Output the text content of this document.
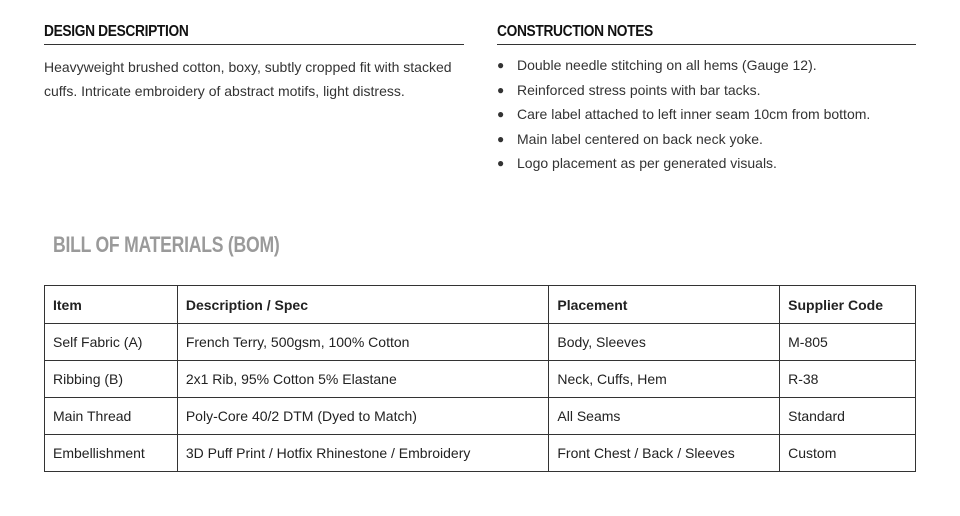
DESIGN DESCRIPTION
Heavyweight brushed cotton, boxy, subtly cropped fit with stacked cuffs. Intricate embroidery of abstract motifs, light distress.
CONSTRUCTION NOTES
● Double needle stitching on all hems (Gauge 12).
● Reinforced stress points with bar tacks.
● Care label attached to left inner seam 10cm from bottom.
● Main label centered on back neck yoke.
● Logo placement as per generated visuals.
BILL OF MATERIALS (BOM)
Item	Description / Spec	Placement	Supplier Code
Self Fabric (A)	French Terry, 500gsm, 100% Cotton	Body, Sleeves	M-805
Ribbing (B)	2x1 Rib, 95% Cotton 5% Elastane	Neck, Cuffs, Hem	R-38
Main Thread	Poly-Core 40/2 DTM (Dyed to Match)	All Seams	Standard
Embellishment	3D Puff Print / Hotfix Rhinestone / Embroidery	Front Chest / Back / Sleeves	Custom
